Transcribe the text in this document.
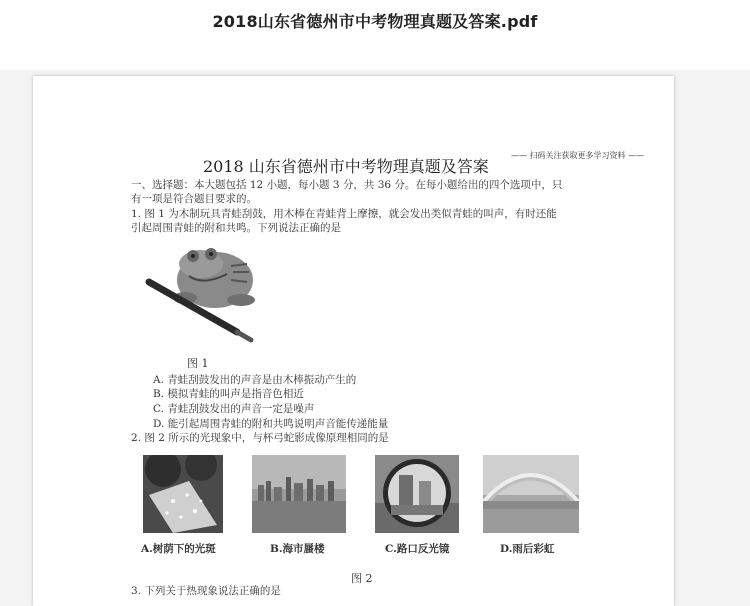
2018山东省德州市中考物理真题及答案.pdf
—— 扫码关注获取更多学习资料 ——
2018 山东省德州市中考物理真题及答案
一、选择题：本大题包括 12 小题，每小题 3 分，共 36 分。在每小题给出的四个选项中，只
有一项是符合题目要求的。
1. 图 1 为木制玩具青蛙刮鼓，用木棒在青蛙背上摩擦，就会发出类似青蛙的叫声，有时还能
引起周围青蛙的附和共鸣。下列说法正确的是
图 1
A. 青蛙刮鼓发出的声音是由木棒振动产生的
B. 模拟青蛙的叫声是指音色相近
C. 青蛙刮鼓发出的声音一定是噪声
D. 能引起周围青蛙的附和共鸣说明声音能传递能量
2. 图 2 所示的光现象中，与杯弓蛇影成像原理相同的是
A.树荫下的光斑	B.海市蜃楼	C.路口反光镜	D.雨后彩虹
图 2
3. 下列关于热现象说法正确的是
